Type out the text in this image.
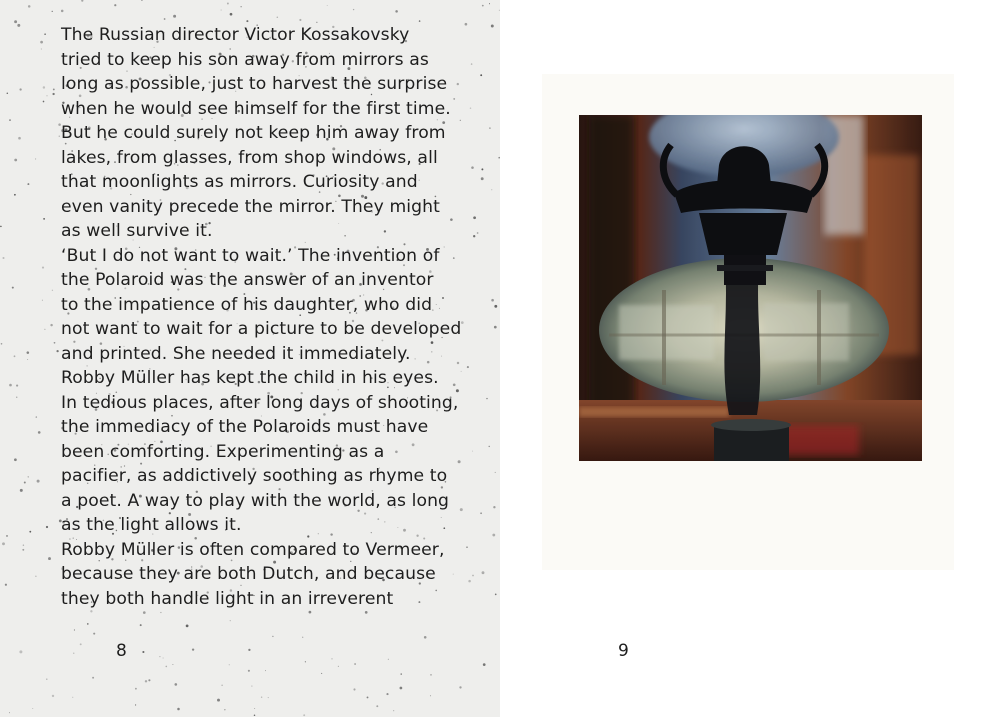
The Russian director Victor Kossakovsky
tried to keep his son away from mirrors as
long as possible, just to harvest the surprise
when he would see himself for the first time.
But he could surely not keep him away from
lakes, from glasses, from shop windows, all
that moonlights as mirrors. Curiosity and
even vanity precede the mirror. They might
as well survive it.
‘But I do not want to wait.’ The invention of
the Polaroid was the answer of an inventor
to the impatience of his daughter, who did
not want to wait for a picture to be developed
and printed. She needed it immediately.
Robby Müller has kept the child in his eyes.
In tedious places, after long days of shooting,
the immediacy of the Polaroids must have
been comforting. Experimenting as a
pacifier, as addictively soothing as rhyme to
a poet. A way to play with the world, as long
as the light allows it.
Robby Müller is often compared to Vermeer,
because they are both Dutch, and because
they both handle light in an irreverent
8	9
